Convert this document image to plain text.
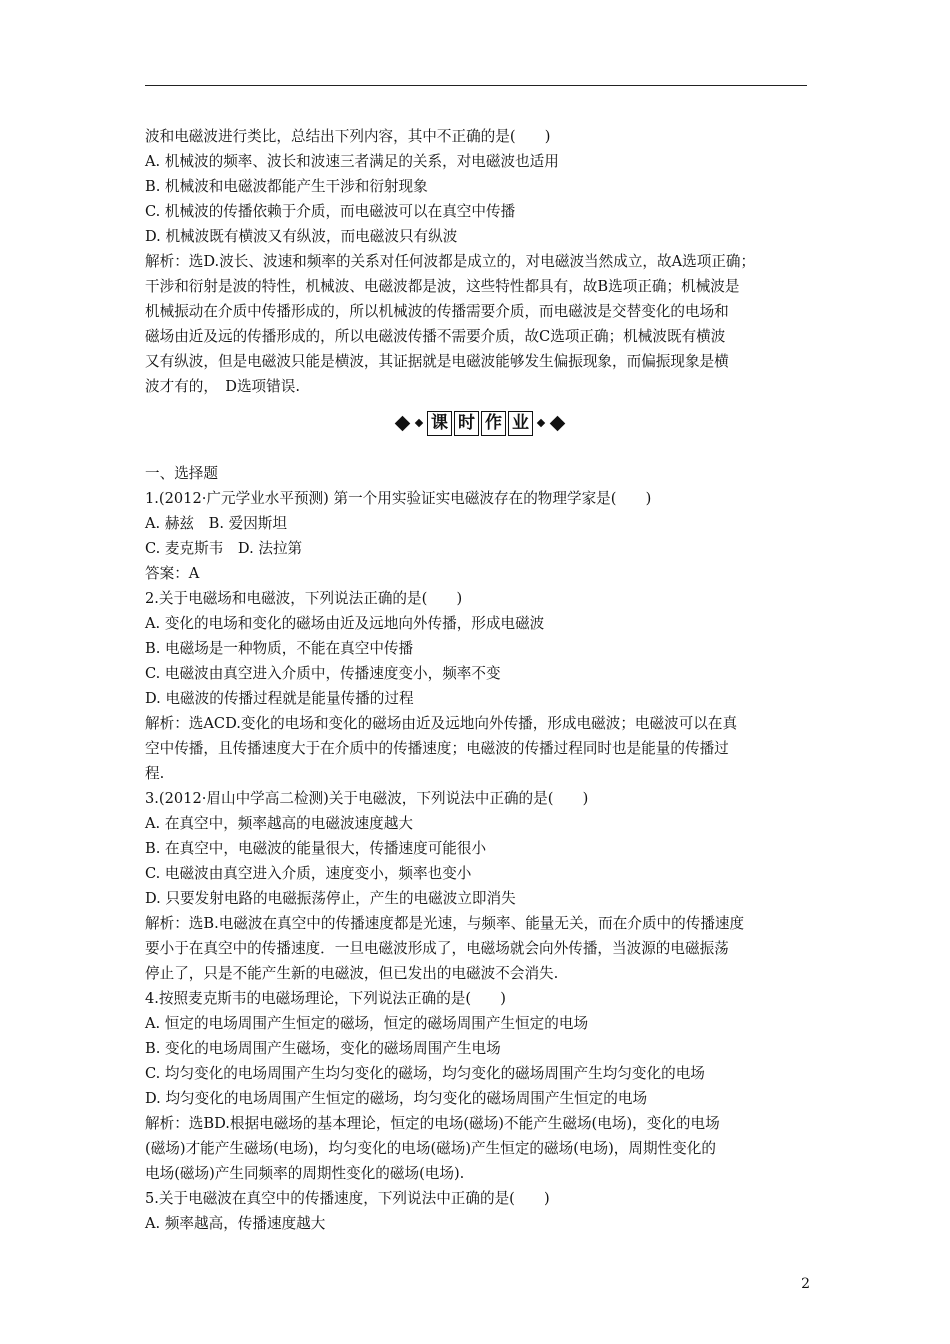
波和电磁波进行类比，总结出下列内容，其中不正确的是(　　)
A. 机械波的频率、波长和波速三者满足的关系，对电磁波也适用
B. 机械波和电磁波都能产生干涉和衍射现象
C. 机械波的传播依赖于介质，而电磁波可以在真空中传播
D. 机械波既有横波又有纵波，而电磁波只有纵波
解析：选D.波长、波速和频率的关系对任何波都是成立的，对电磁波当然成立，故A选项正确；
干涉和衍射是波的特性，机械波、电磁波都是波，这些特性都具有，故B选项正确；机械波是
机械振动在介质中传播形成的，所以机械波的传播需要介质，而电磁波是交替变化的电场和
磁场由近及远的传播形成的，所以电磁波传播不需要介质，故C选项正确；机械波既有横波
又有纵波，但是电磁波只能是横波，其证据就是电磁波能够发生偏振现象，而偏振现象是横
波才有的，　D选项错误.
课 时 作 业
一、选择题
1.(2012·广元学业水平预测) 第一个用实验证实电磁波存在的物理学家是(　　)
A. 赫兹　B. 爱因斯坦
C. 麦克斯韦　D. 法拉第
答案：A
2.关于电磁场和电磁波，下列说法正确的是(　　)
A. 变化的电场和变化的磁场由近及远地向外传播，形成电磁波
B. 电磁场是一种物质，不能在真空中传播
C. 电磁波由真空进入介质中，传播速度变小，频率不变
D. 电磁波的传播过程就是能量传播的过程
解析：选ACD.变化的电场和变化的磁场由近及远地向外传播，形成电磁波；电磁波可以在真
空中传播，且传播速度大于在介质中的传播速度；电磁波的传播过程同时也是能量的传播过
程.
3.(2012·眉山中学高二检测)关于电磁波，下列说法中正确的是(　　)
A. 在真空中，频率越高的电磁波速度越大
B. 在真空中，电磁波的能量很大，传播速度可能很小
C. 电磁波由真空进入介质，速度变小，频率也变小
D. 只要发射电路的电磁振荡停止，产生的电磁波立即消失
解析：选B.电磁波在真空中的传播速度都是光速，与频率、能量无关，而在介质中的传播速度
要小于在真空中的传播速度．一旦电磁波形成了，电磁场就会向外传播，当波源的电磁振荡
停止了，只是不能产生新的电磁波，但已发出的电磁波不会消失.
4.按照麦克斯韦的电磁场理论，下列说法正确的是(　　)
A. 恒定的电场周围产生恒定的磁场，恒定的磁场周围产生恒定的电场
B. 变化的电场周围产生磁场，变化的磁场周围产生电场
C. 均匀变化的电场周围产生均匀变化的磁场，均匀变化的磁场周围产生均匀变化的电场
D. 均匀变化的电场周围产生恒定的磁场，均匀变化的磁场周围产生恒定的电场
解析：选BD.根据电磁场的基本理论，恒定的电场(磁场)不能产生磁场(电场)，变化的电场
(磁场)才能产生磁场(电场)，均匀变化的电场(磁场)产生恒定的磁场(电场)，周期性变化的
电场(磁场)产生同频率的周期性变化的磁场(电场).
5.关于电磁波在真空中的传播速度，下列说法中正确的是(　　)
A. 频率越高，传播速度越大
2
